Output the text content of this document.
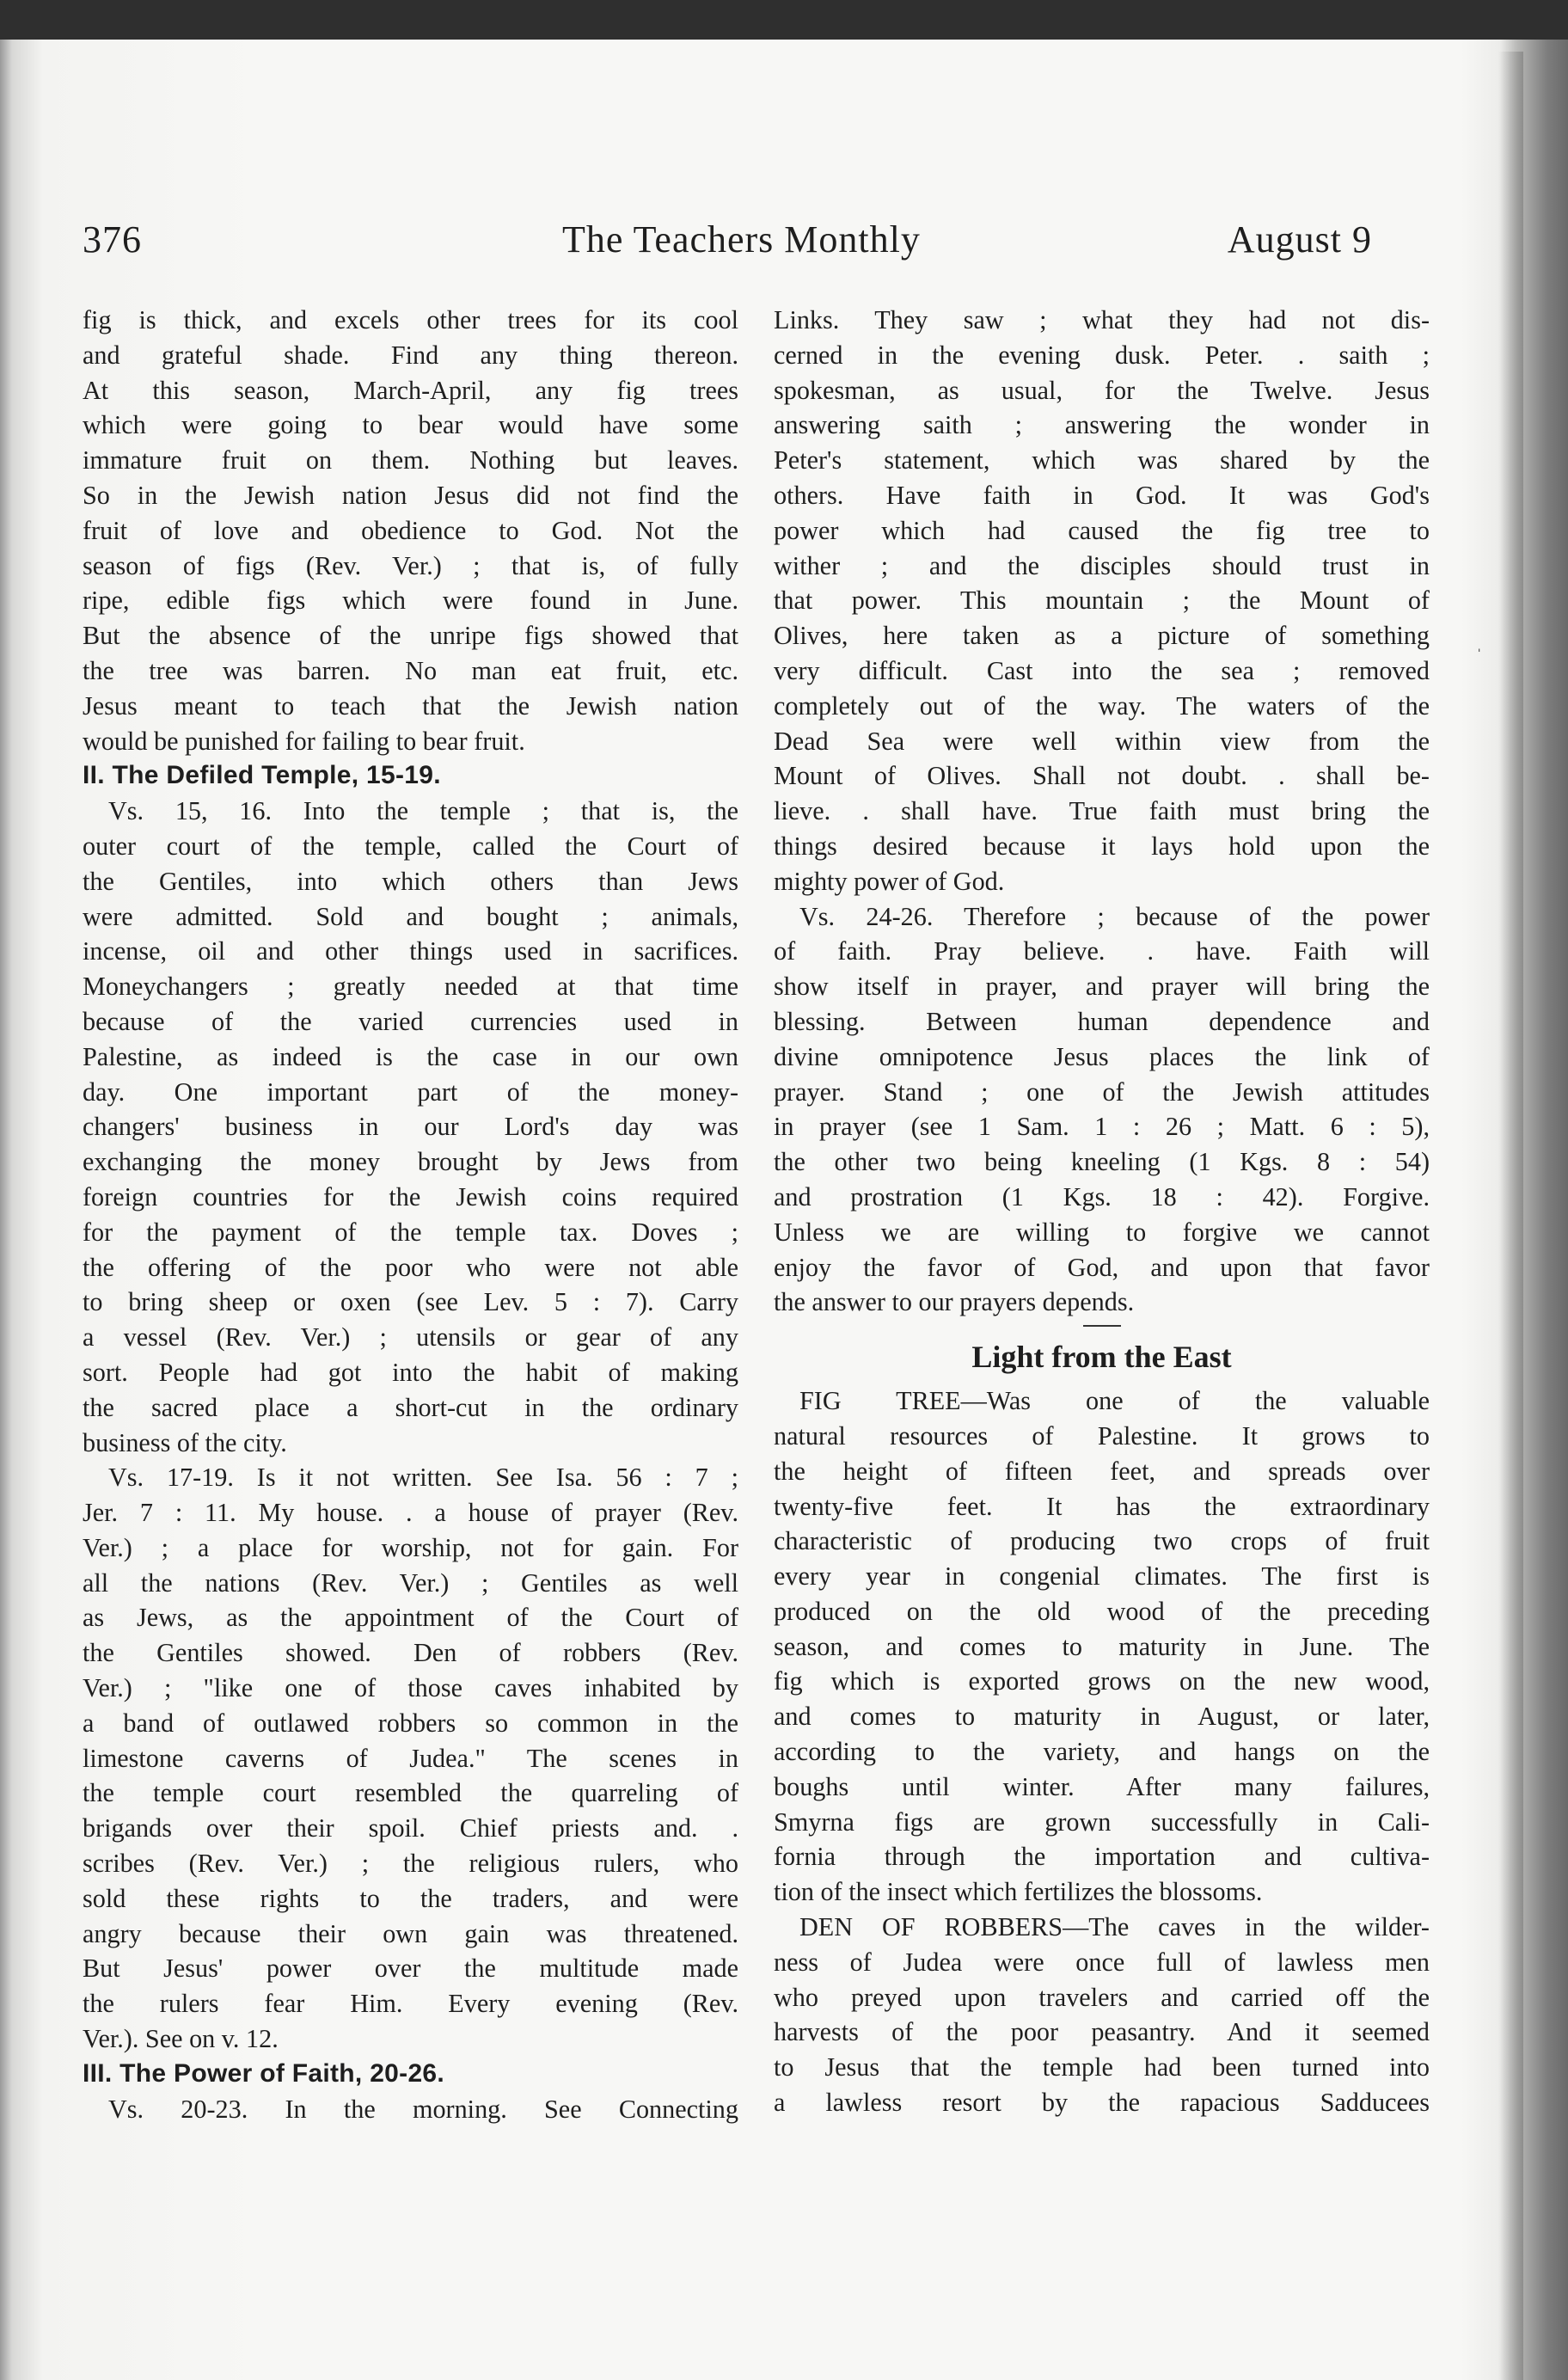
376	The Teachers Monthly	August 9
fig is thick, and excels other trees for its cool
and grateful shade. Find any thing thereon.
At this season, March-April, any fig trees
which were going to bear would have some
immature fruit on them. Nothing but leaves.
So in the Jewish nation Jesus did not find the
fruit of love and obedience to God. Not the
season of figs (Rev. Ver.) ; that is, of fully
ripe, edible figs which were found in June.
But the absence of the unripe figs showed that
the tree was barren. No man eat fruit, etc.
Jesus meant to teach that the Jewish nation
would be punished for failing to bear fruit.
II. The Defiled Temple, 15-19.
Vs. 15, 16. Into the temple ; that is, the
outer court of the temple, called the Court of
the Gentiles, into which others than Jews
were admitted. Sold and bought ; animals,
incense, oil and other things used in sacrifices.
Moneychangers ; greatly needed at that time
because of the varied currencies used in
Palestine, as indeed is the case in our own
day. One important part of the money-
changers' business in our Lord's day was
exchanging the money brought by Jews from
foreign countries for the Jewish coins required
for the payment of the temple tax. Doves ;
the offering of the poor who were not able
to bring sheep or oxen (see Lev. 5 : 7). Carry
a vessel (Rev. Ver.) ; utensils or gear of any
sort. People had got into the habit of making
the sacred place a short-cut in the ordinary
business of the city.
Vs. 17-19. Is it not written. See Isa. 56 : 7 ;
Jer. 7 : 11. My house. . a house of prayer (Rev.
Ver.) ; a place for worship, not for gain. For
all the nations (Rev. Ver.) ; Gentiles as well
as Jews, as the appointment of the Court of
the Gentiles showed. Den of robbers (Rev.
Ver.) ; "like one of those caves inhabited by
a band of outlawed robbers so common in the
limestone caverns of Judea." The scenes in
the temple court resembled the quarreling of
brigands over their spoil. Chief priests and. .
scribes (Rev. Ver.) ; the religious rulers, who
sold these rights to the traders, and were
angry because their own gain was threatened.
But Jesus' power over the multitude made
the rulers fear Him. Every evening (Rev.
Ver.). See on v. 12.
III. The Power of Faith, 20-26.
Vs. 20-23. In the morning. See Connecting
Links. They saw ; what they had not dis-
cerned in the evening dusk. Peter. . saith ;
spokesman, as usual, for the Twelve. Jesus
answering saith ; answering the wonder in
Peter's statement, which was shared by the
others. Have faith in God. It was God's
power which had caused the fig tree to
wither ; and the disciples should trust in
that power. This mountain ; the Mount of
Olives, here taken as a picture of something
very difficult. Cast into the sea ; removed
completely out of the way. The waters of the
Dead Sea were well within view from the
Mount of Olives. Shall not doubt. . shall be-
lieve. . shall have. True faith must bring the
things desired because it lays hold upon the
mighty power of God.
Vs. 24-26. Therefore ; because of the power
of faith. Pray believe. . have. Faith will
show itself in prayer, and prayer will bring the
blessing. Between human dependence and
divine omnipotence Jesus places the link of
prayer. Stand ; one of the Jewish attitudes
in prayer (see 1 Sam. 1 : 26 ; Matt. 6 : 5),
the other two being kneeling (1 Kgs. 8 : 54)
and prostration (1 Kgs. 18 : 42). Forgive.
Unless we are willing to forgive we cannot
enjoy the favor of God, and upon that favor
the answer to our prayers depends.
Light from the East
FIG TREE—Was one of the valuable
natural resources of Palestine. It grows to
the height of fifteen feet, and spreads over
twenty-five feet. It has the extraordinary
characteristic of producing two crops of fruit
every year in congenial climates. The first is
produced on the old wood of the preceding
season, and comes to maturity in June. The
fig which is exported grows on the new wood,
and comes to maturity in August, or later,
according to the variety, and hangs on the
boughs until winter. After many failures,
Smyrna figs are grown successfully in Cali-
fornia through the importation and cultiva-
tion of the insect which fertilizes the blossoms.
DEN OF ROBBERS—The caves in the wilder-
ness of Judea were once full of lawless men
who preyed upon travelers and carried off the
harvests of the poor peasantry. And it seemed
to Jesus that the temple had been turned into
a lawless resort by the rapacious Sadducees
ˈ
